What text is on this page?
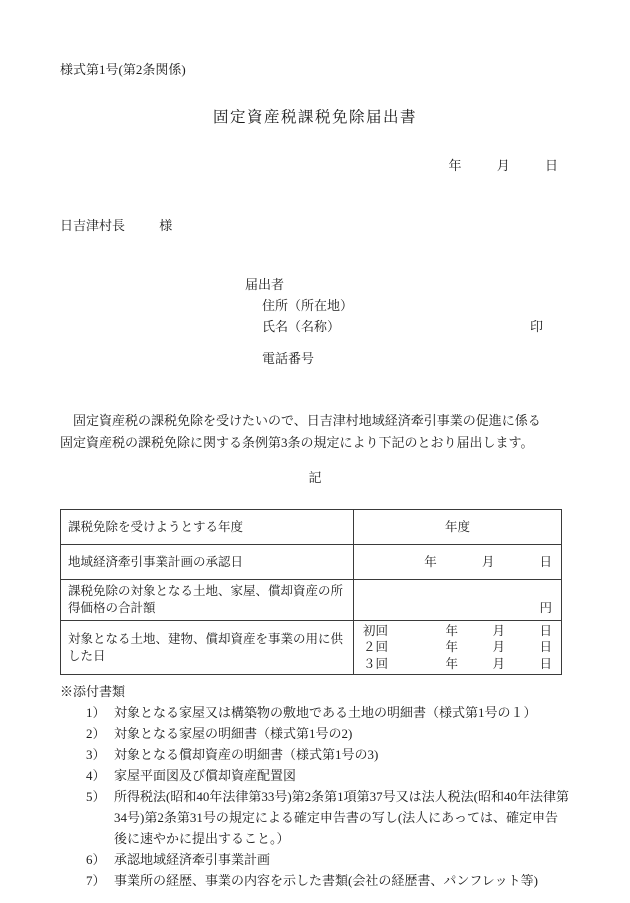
様式第1号(第2条関係)
固定資産税課税免除届出書
年	月	日
日吉津村長	様
届出者
住所（所在地）
氏名（名称）	印
電話番号
固定資産税の課税免除を受けたいので、日吉津村地域経済牽引事業の促進に係る
固定資産税の課税免除に関する条例第3条の規定により下記のとおり届出します。
記
課税免除を受けようとする年度	年度
地域経済牽引事業計画の承認日	年 月 日
課税免除の対象となる土地、家屋、償却資産の所得価格の合計額	円
対象となる土地、建物、償却資産を事業の用に供した日	
初回	年	月	日
２回	年	月	日
３回	年	月	日
※添付書類
1） 対象となる家屋又は構築物の敷地である土地の明細書（様式第1号の１）
2） 対象となる家屋の明細書（様式第1号の2)
3） 対象となる償却資産の明細書（様式第1号の3)
4） 家屋平面図及び償却資産配置図
5） 所得税法(昭和40年法律第33号)第2条第1項第37号又は法人税法(昭和40年法律第34号)第2条第31号の規定による確定申告書の写し(法人にあっては、確定申告後に速やかに提出すること。）
6） 承認地域経済牽引事業計画
7） 事業所の経歴、事業の内容を示した書類(会社の経歴書、パンフレット等)
